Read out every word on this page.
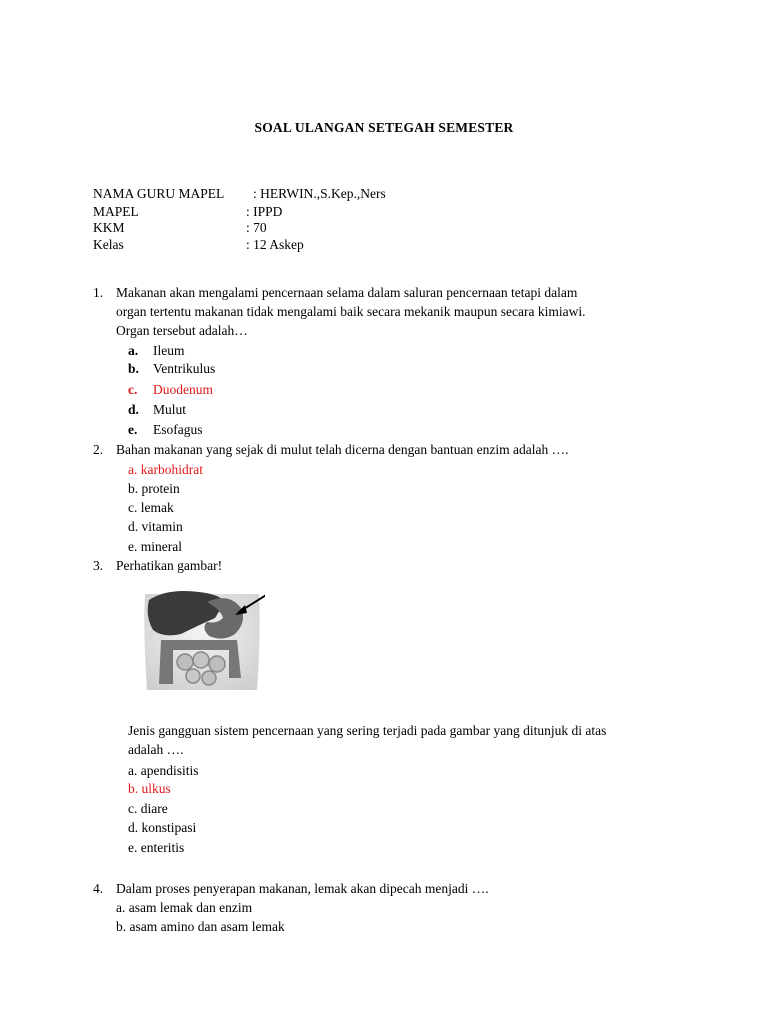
SOAL ULANGAN SETEGAH SEMESTER
NAMA GURU MAPEL : HERWIN.,S.Kep.,Ners
MAPEL	: IPPD
KKM	: 70
Kelas	: 12 Askep
1. Makanan akan mengalami pencernaan selama dalam saluran pencernaan tetapi dalam
organ tertentu makanan tidak mengalami baik secara mekanik maupun secara kimiawi.
Organ tersebut adalah…
a. Ileum
b. Ventrikulus
c. Duodenum
d. Mulut
e. Esofagus
2. Bahan makanan yang sejak di mulut telah dicerna dengan bantuan enzim adalah ….
a. karbohidrat
b. protein
c. lemak
d. vitamin
e. mineral
3. Perhatikan gambar!
Jenis gangguan sistem pencernaan yang sering terjadi pada gambar yang ditunjuk di atas
adalah ….
a. apendisitis
b. ulkus
c. diare
d. konstipasi
e. enteritis
4. Dalam proses penyerapan makanan, lemak akan dipecah menjadi ….
a. asam lemak dan enzim
b. asam amino dan asam lemak
